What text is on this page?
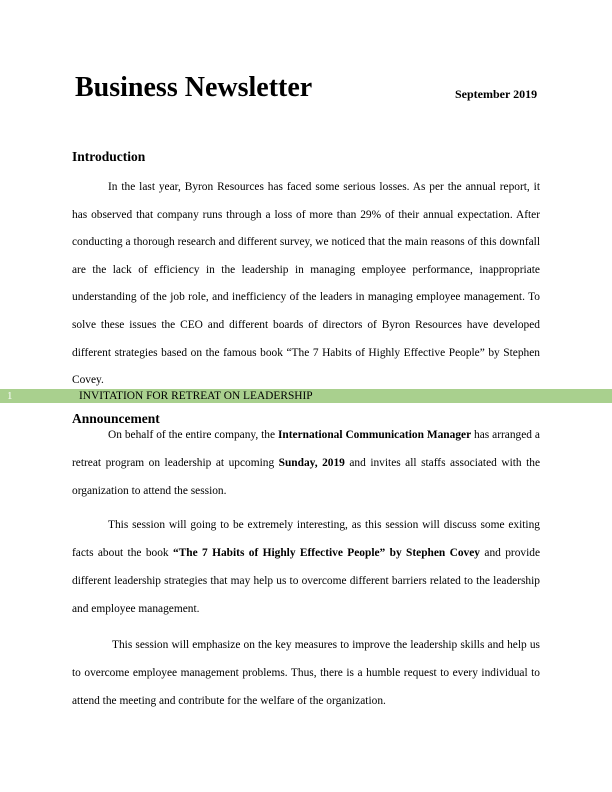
Business Newsletter	September 2019
Introduction
In the last year, Byron Resources has faced some serious losses. As per the annual report, it has observed that company runs through a loss of more than 29% of their annual expectation. After conducting a thorough research and different survey, we noticed that the main reasons of this downfall are the lack of efficiency in the leadership in managing employee performance, inappropriate understanding of the job role, and inefficiency of the leaders in managing employee management. To solve these issues the CEO and different boards of directors of Byron Resources have developed different strategies based on the famous book “The 7 Habits of Highly Effective People” by Stephen Covey.
1	INVITATION FOR RETREAT ON LEADERSHIP
Announcement
On behalf of the entire company, the International Communication Manager has arranged a retreat program on leadership at upcoming Sunday, 2019 and invites all staffs associated with the organization to attend the session.
This session will going to be extremely interesting, as this session will discuss some exiting facts about the book “The 7 Habits of Highly Effective People” by Stephen Covey and provide different leadership strategies that may help us to overcome different barriers related to the leadership and employee management.
This session will emphasize on the key measures to improve the leadership skills and help us to overcome employee management problems. Thus, there is a humble request to every individual to attend the meeting and contribute for the welfare of the organization.
